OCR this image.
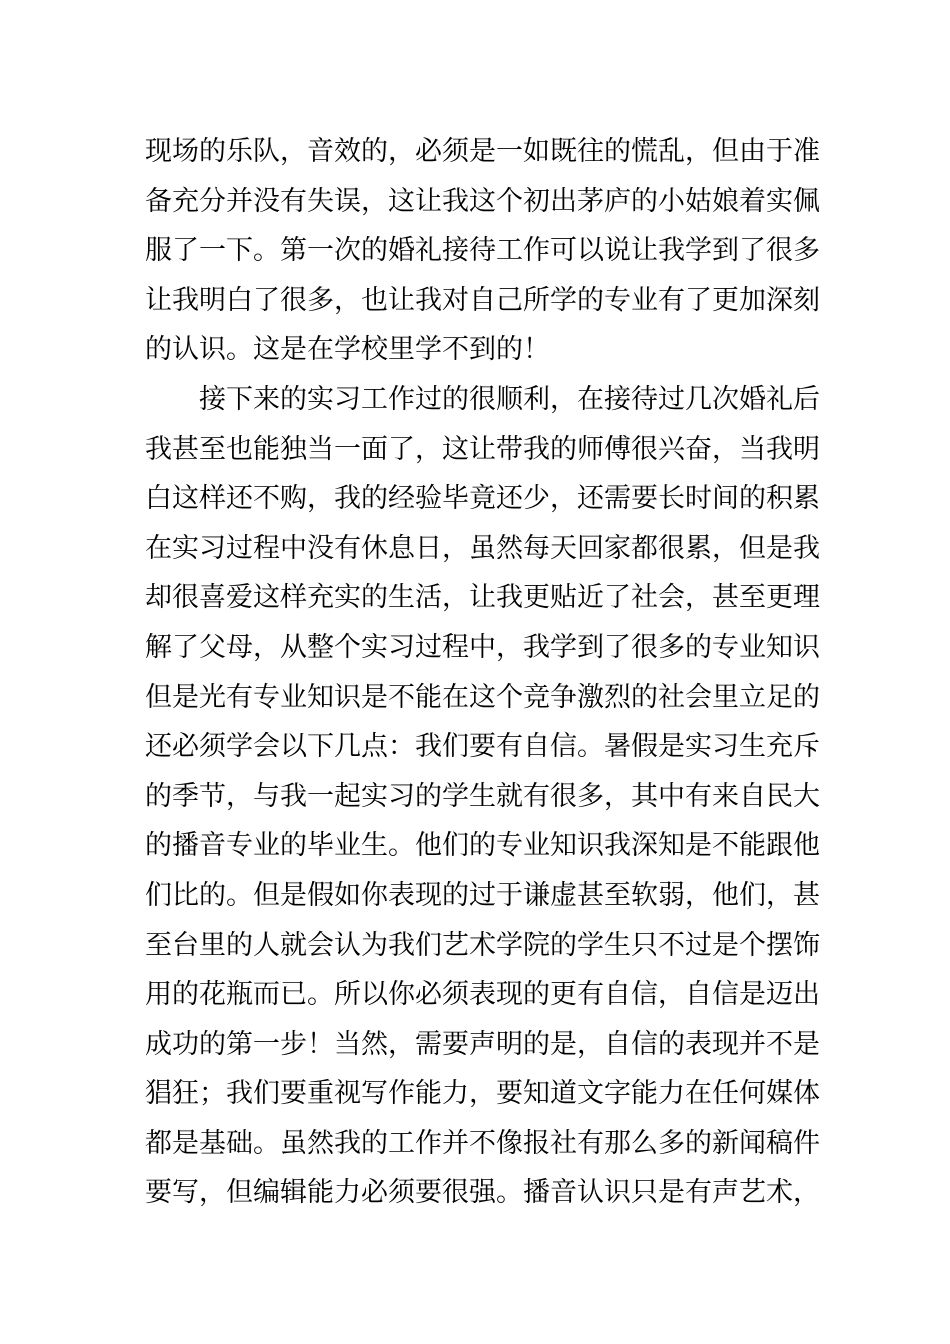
现场的乐队，音效的，必须是一如既往的慌乱，但由于准
备充分并没有失误，这让我这个初出茅庐的小姑娘着实佩
服了一下。第一次的婚礼接待工作可以说让我学到了很多
让我明白了很多，也让我对自己所学的专业有了更加深刻
的认识。这是在学校里学不到的！
　　接下来的实习工作过的很顺利，在接待过几次婚礼后
我甚至也能独当一面了，这让带我的师傅很兴奋，当我明
白这样还不购，我的经验毕竟还少，还需要长时间的积累
在实习过程中没有休息日，虽然每天回家都很累，但是我
却很喜爱这样充实的生活，让我更贴近了社会，甚至更理
解了父母，从整个实习过程中，我学到了很多的专业知识
但是光有专业知识是不能在这个竞争激烈的社会里立足的
还必须学会以下几点：我们要有自信。暑假是实习生充斥
的季节，与我一起实习的学生就有很多，其中有来自民大
的播音专业的毕业生。他们的专业知识我深知是不能跟他
们比的。但是假如你表现的过于谦虚甚至软弱，他们，甚
至台里的人就会认为我们艺术学院的学生只不过是个摆饰
用的花瓶而已。所以你必须表现的更有自信，自信是迈出
成功的第一步！当然，需要声明的是，自信的表现并不是
猖狂；我们要重视写作能力，要知道文字能力在任何媒体
都是基础。虽然我的工作并不像报社有那么多的新闻稿件
要写，但编辑能力必须要很强。播音认识只是有声艺术，
